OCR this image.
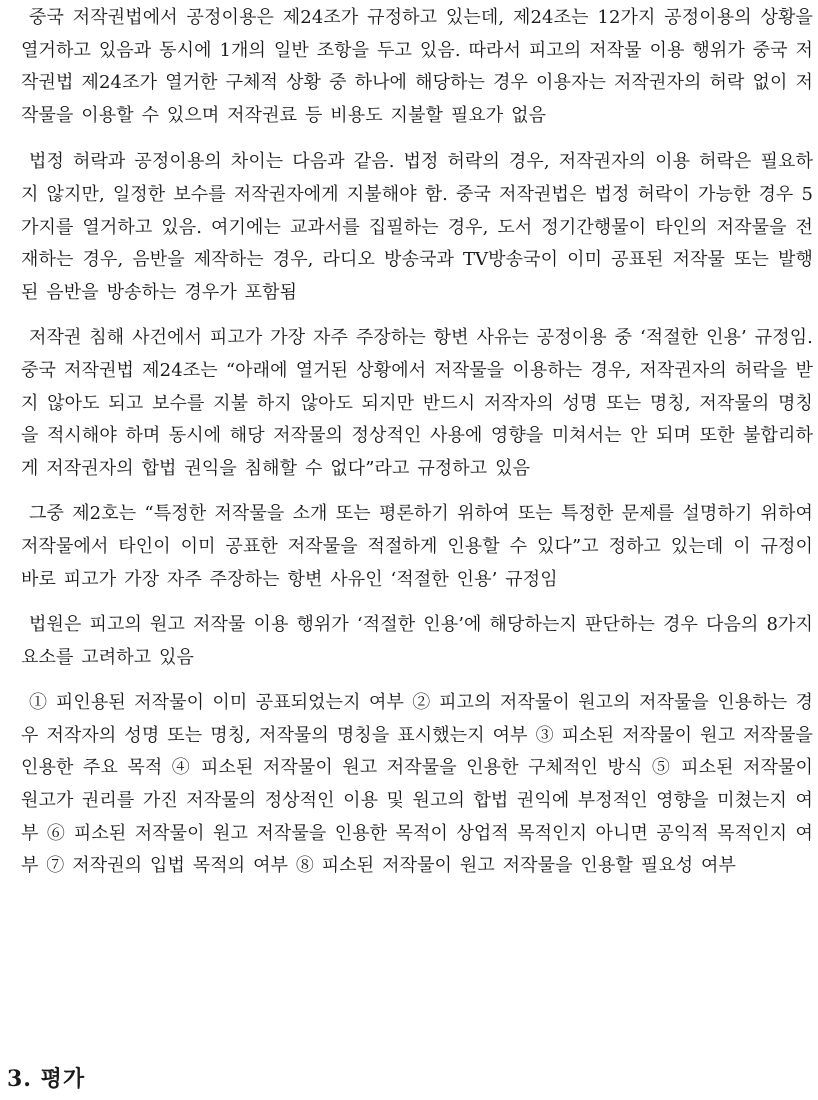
중국 저작권법에서 공정이용은 제24조가 규정하고 있는데, 제24조는 12가지 공정이용의 상황을 열거하고 있음과 동시에 1개의 일반 조항을 두고 있음. 따라서 피고의 저작물 이용 행위가 중국 저작권법 제24조가 열거한 구체적 상황 중 하나에 해당하는 경우 이용자는 저작권자의 허락 없이 저작물을 이용할 수 있으며 저작권료 등 비용도 지불할 필요가 없음

법정 허락과 공정이용의 차이는 다음과 같음. 법정 허락의 경우, 저작권자의 이용 허락은 필요하지 않지만, 일정한 보수를 저작권자에게 지불해야 함. 중국 저작권법은 법정 허락이 가능한 경우 5가지를 열거하고 있음. 여기에는 교과서를 집필하는 경우, 도서 정기간행물이 타인의 저작물을 전재하는 경우, 음반을 제작하는 경우, 라디오 방송국과 TV방송국이 이미 공표된 저작물 또는 발행된 음반을 방송하는 경우가 포함됨

저작권 침해 사건에서 피고가 가장 자주 주장하는 항변 사유는 공정이용 중 ‘적절한 인용’ 규정임. 중국 저작권법 제24조는 “아래에 열거된 상황에서 저작물을 이용하는 경우, 저작권자의 허락을 받지 않아도 되고 보수를 지불 하지 않아도 되지만 반드시 저작자의 성명 또는 명칭, 저작물의 명칭을 적시해야 하며 동시에 해당 저작물의 정상적인 사용에 영향을 미쳐서는 안 되며 또한 불합리하게 저작권자의 합법 권익을 침해할 수 없다”라고 규정하고 있음

그중 제2호는 “특정한 저작물을 소개 또는 평론하기 위하여 또는 특정한 문제를 설명하기 위하여 저작물에서 타인이 이미 공표한 저작물을 적절하게 인용할 수 있다”고 정하고 있는데 이 규정이 바로 피고가 가장 자주 주장하는 항변 사유인 ‘적절한 인용’ 규정임

법원은 피고의 원고 저작물 이용 행위가 ‘적절한 인용’에 해당하는지 판단하는 경우 다음의 8가지 요소를 고려하고 있음

① 피인용된 저작물이 이미 공표되었는지 여부 ② 피고의 저작물이 원고의 저작물을 인용하는 경우 저작자의 성명 또는 명칭, 저작물의 명칭을 표시했는지 여부 ③ 피소된 저작물이 원고 저작물을 인용한 주요 목적 ④ 피소된 저작물이 원고 저작물을 인용한 구체적인 방식 ⑤ 피소된 저작물이 원고가 권리를 가진 저작물의 정상적인 이용 및 원고의 합법 권익에 부정적인 영향을 미쳤는지 여부 ⑥ 피소된 저작물이 원고 저작물을 인용한 목적이 상업적 목적인지 아니면 공익적 목적인지 여부 ⑦ 저작권의 입법 목적의 여부 ⑧ 피소된 저작물이 원고 저작물을 인용할 필요성 여부

3. 평가
